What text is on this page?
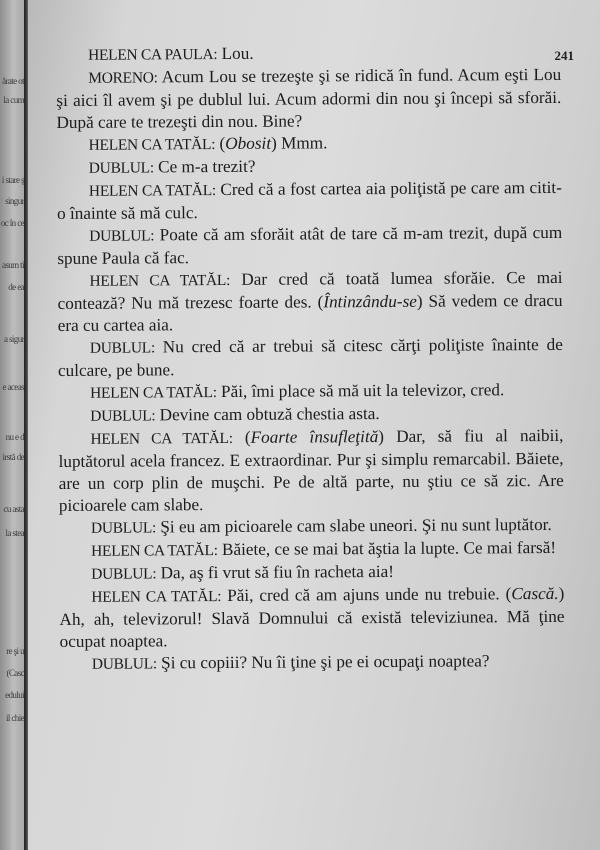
ărate ot
la cum
i stare ş
singur
oc în ce
asum ti
de ea
a sigur
e aceas
nu e d
irstă de
cu asta
la stea
re şi u
(Casc
edului
il chie
241

HELEN CA PAULA: Lou.

MORENO: Acum Lou se trezeşte şi se ridică în fund. Acum eşti Lou şi aici îl avem şi pe dublul lui. Acum adormi din nou şi începi să sforăi. După care te trezeşti din nou. Bine?

HELEN CA TATĂL: (Obosit) Mmm.

DUBLUL: Ce m-a trezit?

HELEN CA TATĂL: Cred că a fost cartea aia poliţistă pe care am citit-o înainte să mă culc.

DUBLUL: Poate că am sforăit atât de tare că m-am trezit, după cum spune Paula că fac.

HELEN CA TATĂL: Dar cred că toată lumea sforăie. Ce mai contează? Nu mă trezesc foarte des. (Întinzându-se) Să vedem ce dracu era cu cartea aia.

DUBLUL: Nu cred că ar trebui să citesc cărţi poliţiste înainte de culcare, pe bune.

HELEN CA TATĂL: Păi, îmi place să mă uit la televizor, cred.

DUBLUL: Devine cam obtuză chestia asta.

HELEN CA TATĂL: (Foarte însufleţită) Dar, să fiu al naibii, luptătorul acela francez. E extraordinar. Pur şi simplu remarcabil. Băiete, are un corp plin de muşchi. Pe de altă parte, nu ştiu ce să zic. Are picioarele cam slabe.

DUBLUL: Şi eu am picioarele cam slabe uneori. Şi nu sunt luptător.

HELEN CA TATĂL: Băiete, ce se mai bat ăştia la lupte. Ce mai farsă!

DUBLUL: Da, aş fi vrut să fiu în racheta aia!

HELEN CA TATĂL: Păi, cred că am ajuns unde nu trebuie. (Cască.) Ah, ah, televizorul! Slavă Domnului că există televiziunea. Mă ţine ocupat noaptea.

DUBLUL: Şi cu copiii? Nu îi ţine şi pe ei ocupaţi noaptea?
